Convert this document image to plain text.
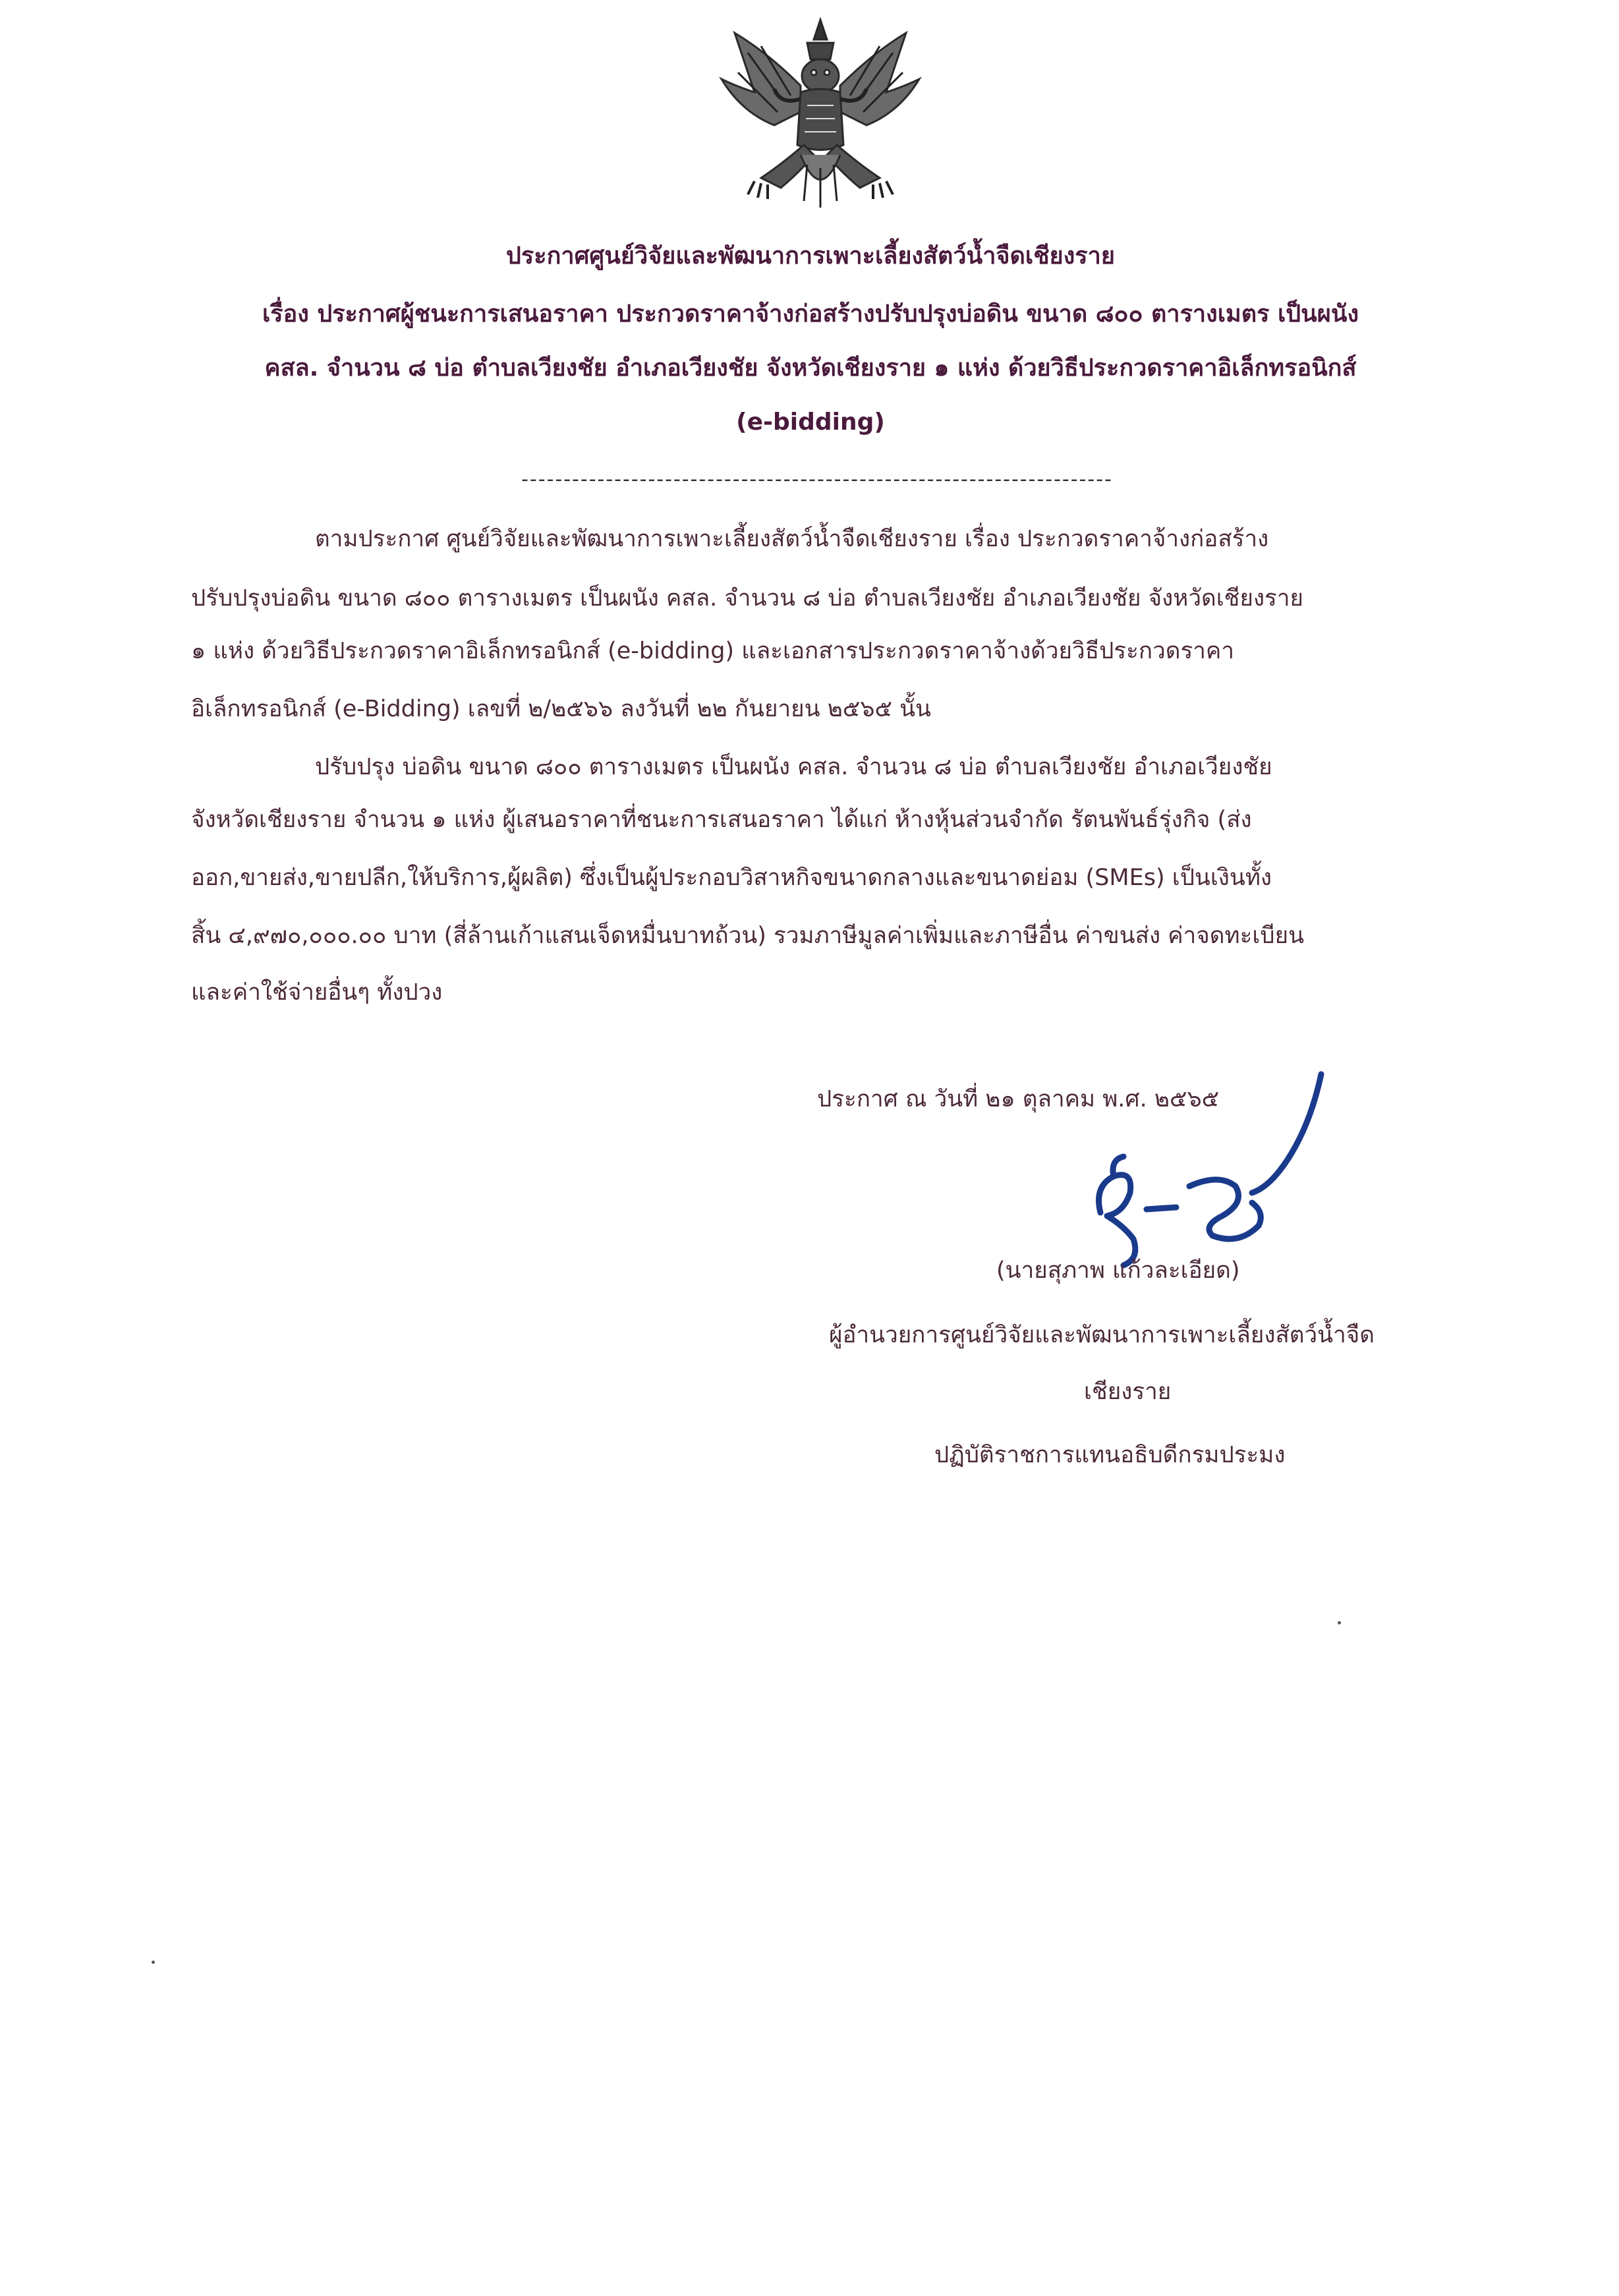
ประกาศศูนย์วิจัยและพัฒนาการเพาะเลี้ยงสัตว์น้ำจืดเชียงราย
เรื่อง ประกาศผู้ชนะการเสนอราคา ประกวดราคาจ้างก่อสร้างปรับปรุงบ่อดิน ขนาด ๘๐๐ ตารางเมตร เป็นผนัง
คสล. จำนวน ๘ บ่อ ตำบลเวียงชัย อำเภอเวียงชัย จังหวัดเชียงราย ๑ แห่ง ด้วยวิธีประกวดราคาอิเล็กทรอนิกส์
(e-bidding)
----------------------------------------------------------------------
ตามประกาศ ศูนย์วิจัยและพัฒนาการเพาะเลี้ยงสัตว์น้ำจืดเชียงราย เรื่อง ประกวดราคาจ้างก่อสร้าง
ปรับปรุงบ่อดิน ขนาด ๘๐๐ ตารางเมตร เป็นผนัง คสล. จำนวน ๘ บ่อ ตำบลเวียงชัย อำเภอเวียงชัย จังหวัดเชียงราย
๑ แห่ง ด้วยวิธีประกวดราคาอิเล็กทรอนิกส์ (e-bidding) และเอกสารประกวดราคาจ้างด้วยวิธีประกวดราคา
อิเล็กทรอนิกส์ (e-Bidding) เลขที่ ๒/๒๕๖๖ ลงวันที่ ๒๒ กันยายน ๒๕๖๕ นั้น
ปรับปรุง บ่อดิน ขนาด ๘๐๐ ตารางเมตร เป็นผนัง คสล. จำนวน ๘ บ่อ ตำบลเวียงชัย อำเภอเวียงชัย
จังหวัดเชียงราย จำนวน ๑ แห่ง ผู้เสนอราคาที่ชนะการเสนอราคา ได้แก่ ห้างหุ้นส่วนจำกัด รัตนพันธ์รุ่งกิจ (ส่ง
ออก,ขายส่ง,ขายปลีก,ให้บริการ,ผู้ผลิต) ซึ่งเป็นผู้ประกอบวิสาหกิจขนาดกลางและขนาดย่อม (SMEs) เป็นเงินทั้ง
สิ้น ๔,๙๗๐,๐๐๐.๐๐ บาท (สี่ล้านเก้าแสนเจ็ดหมื่นบาทถ้วน) รวมภาษีมูลค่าเพิ่มและภาษีอื่น ค่าขนส่ง ค่าจดทะเบียน
และค่าใช้จ่ายอื่นๆ ทั้งปวง
ประกาศ ณ วันที่ ๒๑ ตุลาคม พ.ศ. ๒๕๖๕
(นายสุภาพ แก้วละเอียด)
ผู้อำนวยการศูนย์วิจัยและพัฒนาการเพาะเลี้ยงสัตว์น้ำจืด
เชียงราย
ปฏิบัติราชการแทนอธิบดีกรมประมง
